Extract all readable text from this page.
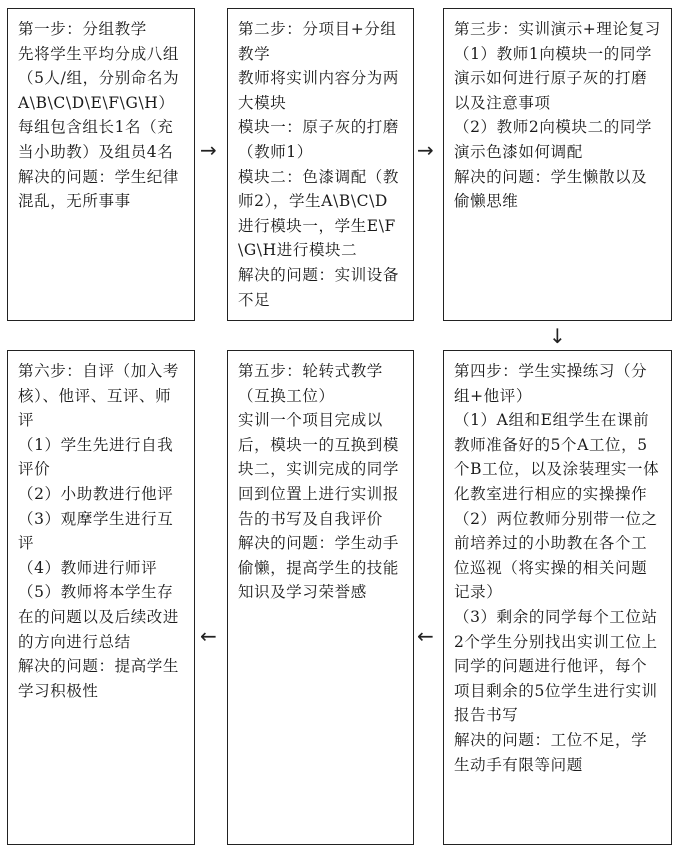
第一步：分组教学

先将学生平均分成八组（5人/组，分别命名为A\B\C\D\E\F\G\H）每组包含组长1名（充当小助教）及组员4名

解决的问题：学生纪律混乱，无所事事

第二步：分项目+分组教学

教师将实训内容分为两大模块

模块一：原子灰的打磨（教师1）

模块二：色漆调配（教师2），学生A\B\C\D进行模块一，学生E\F\G\H进行模块二

解决的问题：实训设备不足

第三步：实训演示+理论复习

（1）教师1向模块一的同学演示如何进行原子灰的打磨以及注意事项

（2）教师2向模块二的同学演示色漆如何调配

解决的问题：学生懒散以及偷懒思维

第六步：自评（加入考核）、他评、互评、师评

（1）学生先进行自我评价

（2）小助教进行他评

（3）观摩学生进行互评

（4）教师进行师评

（5）教师将本学生存在的问题以及后续改进的方向进行总结

解决的问题：提高学生学习积极性

第五步：轮转式教学（互换工位）

实训一个项目完成以后，模块一的互换到模块二，实训完成的同学回到位置上进行实训报告的书写及自我评价

解决的问题：学生动手偷懒，提高学生的技能知识及学习荣誉感

第四步：学生实操练习（分组+他评）

（1）A组和E组学生在课前教师准备好的5个A工位，5个B工位，以及涂装理实一体化教室进行相应的实操操作

（2）两位教师分别带一位之前培养过的小助教在各个工位巡视（将实操的相关问题记录）

（3）剩余的同学每个工位站2个学生分别找出实训工位上同学的问题进行他评，每个项目剩余的5位学生进行实训报告书写

解决的问题：工位不足，学生动手有限等问题

→	→
↓
←
←
